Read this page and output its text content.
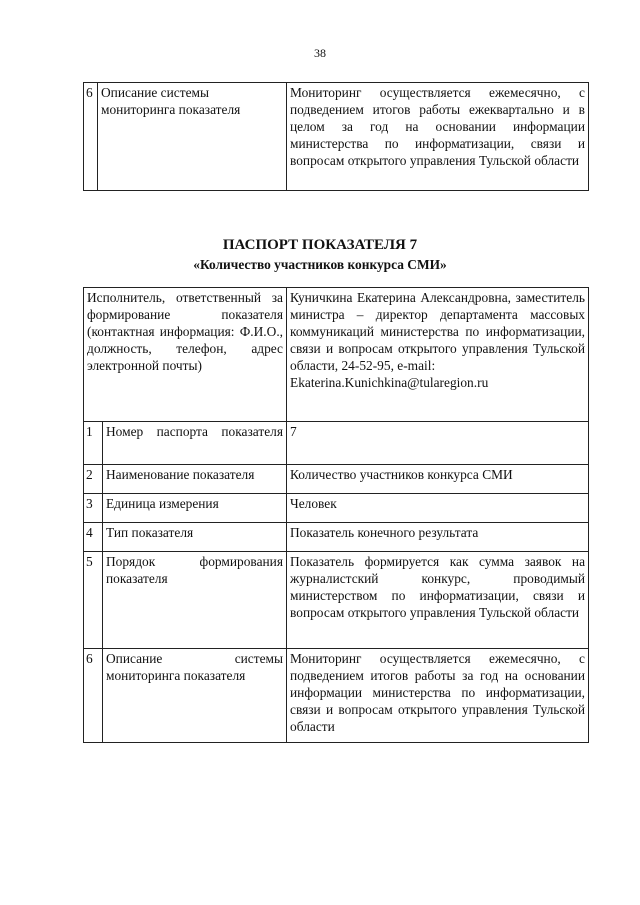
38
6	Описание системы мониторинга показателя	Мониторинг осуществляется ежемесячно, с подведением итогов работы ежеквартально и в целом за год на основании информации министерства по информатизации, связи и вопросам открытого управления Тульской области
ПАСПОРТ ПОКАЗАТЕЛЯ 7
«Количество участников конкурса СМИ»
Исполнитель, ответственный за формирование показателя (контактная информация: Ф.И.О., должность, телефон, адрес электронной почты)		Куничкина Екатерина Александровна, заместитель министра – директор департамента массовых коммуникаций министерства по информатизации, связи и вопросам открытого управления Тульской области, 24-52-95, e-mail:
Ekaterina.Kunichkina@tularegion.ru

1	Номер паспорта показателя	7
2	Наименование показателя	Количество участников конкурса СМИ
3	Единица измерения	Человек
4	Тип показателя	Показатель конечного результата
5	Порядок формирования показателя	Показатель формируется как сумма заявок на журналистский конкурс, проводимый министерством по информатизации, связи и вопросам открытого управления Тульской области
6	Описание системы мониторинга показателя	Мониторинг осуществляется ежемесячно, с подведением итогов работы за год на основании информации министерства по информатизации, связи и вопросам открытого управления Тульской области
